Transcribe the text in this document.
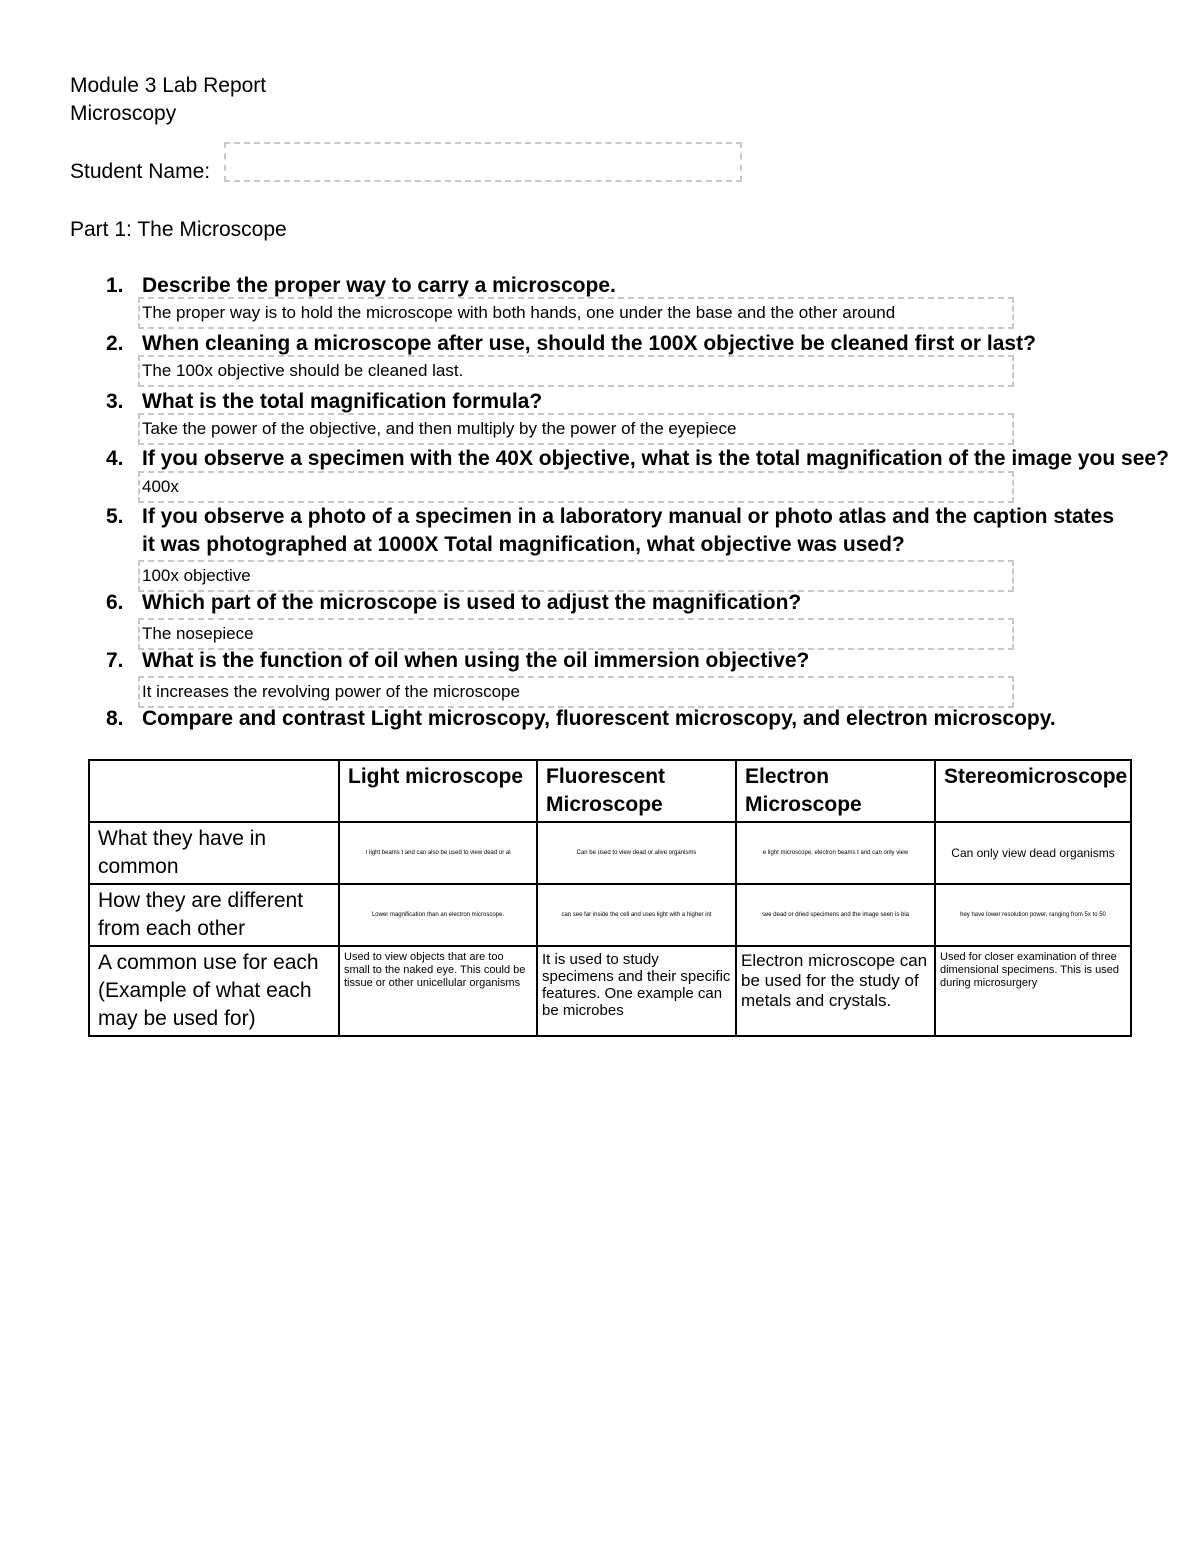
Module 3 Lab Report
Microscopy
Student Name:
Part 1: The Microscope
1. Describe the proper way to carry a microscope.
The proper way is to hold the microscope with both hands, one under the base and the other around
2. When cleaning a microscope after use, should the 100X objective be cleaned first or last?
The 100x objective should be cleaned last.
3. What is the total magnification formula?
Take the power of the objective, and then multiply by the power of the eyepiece
4. If you observe a specimen with the 40X objective, what is the total magnification of the image you see?
400x
5. If you observe a photo of a specimen in a laboratory manual or photo atlas and the caption states it was photographed at 1000X Total magnification, what objective was used?
100x objective
6. Which part of the microscope is used to adjust the magnification?
The nosepiece
7. What is the function of oil when using the oil immersion objective?
It increases the revolving power of the microscope
8. Compare and contrast Light microscopy, fluorescent microscopy, and electron microscopy.
	Light microscope	Fluorescent Microscope	Electron Microscope	Stereomicroscope
What they have in common	r light beams t and can also be used to view dead or al	Can be used to view dead or alive organisms	e light microscope, electron beams t and can only view	Can only view dead organisms
How they are different from each other	Lower magnification than an electron microscope.	can see far inside the cell and uses light with a higher int	see dead or dried specimens and the image seen is bla	hey have lower resolution power, ranging from 5x to 50
A common use for each (Example of what each may be used for)	Used to view objects that are too small to the naked eye. This could be tissue or other unicellular organisms	It is used to study specimens and their specific features. One example can be microbes	Electron microscope can be used for the study of metals and crystals.	Used for closer examination of three dimensional specimens. This is used during microsurgery
